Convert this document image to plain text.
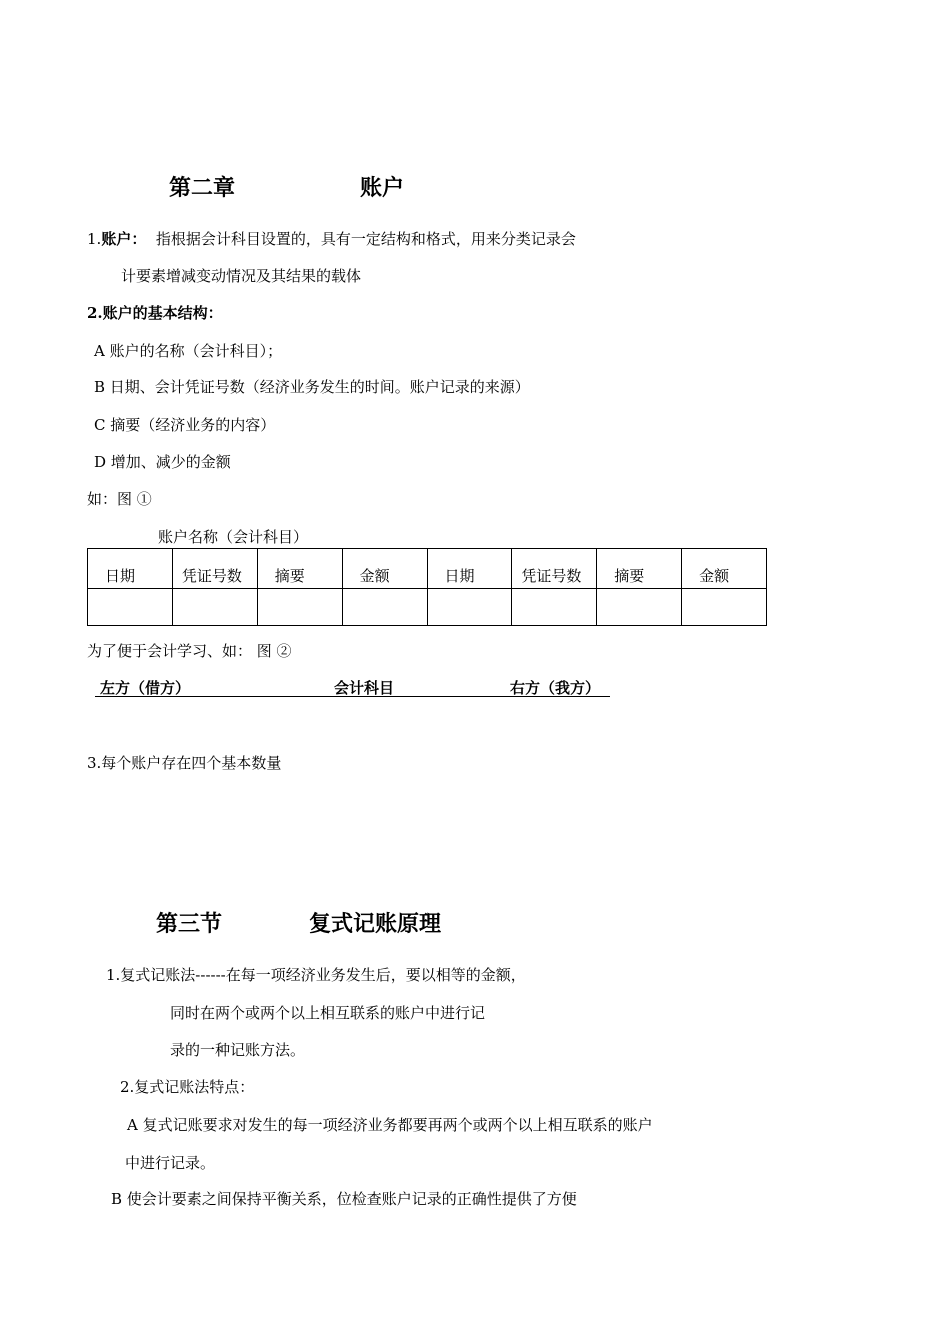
第二章	账户
1.账户： 指根据会计科目设置的，具有一定结构和格式，用来分类记录会
计要素增减变动情况及其结果的载体
2.账户的基本结构：
A 账户的名称（会计科目）；
B 日期、会计凭证号数（经济业务发生的时间。账户记录的来源）
C 摘要（经济业务的内容）
D 增加、减少的金额
如：图 ①
账户名称（会计科目）
日期	凭证号数	摘要	金额	日期	凭证号数	摘要	金额

为了便于会计学习、如： 图 ②
左方（借方）	会计科目	右方（我方）
3.每个账户存在四个基本数量
第三节	复式记账原理
1.复式记账法------在每一项经济业务发生后，要以相等的金额，
同时在两个或两个以上相互联系的账户中进行记
录的一种记账方法。
2.复式记账法特点：
A 复式记账要求对发生的每一项经济业务都要再两个或两个以上相互联系的账户
中进行记录。
B 使会计要素之间保持平衡关系，位检查账户记录的正确性提供了方便
